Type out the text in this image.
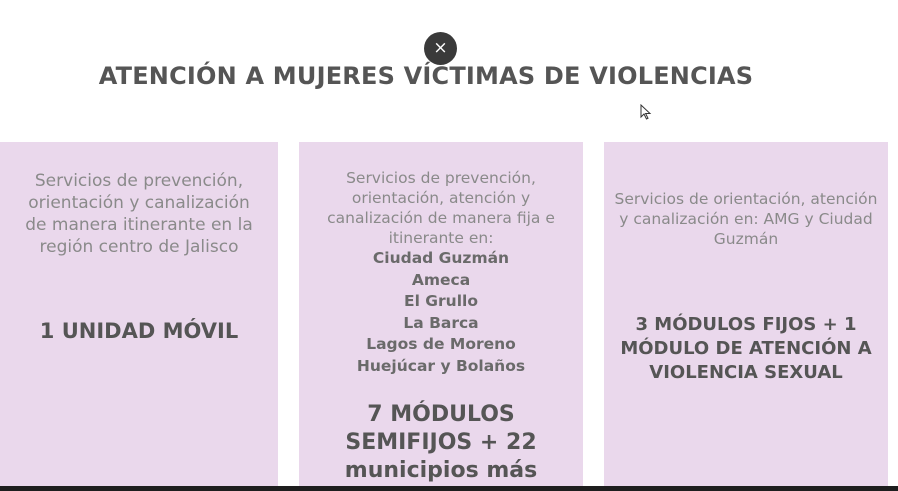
×
ATENCIÓN A MUJERES VÍCTIMAS DE VIOLENCIAS
Servicios de prevención, orientación y canalización de manera itinerante en la región centro de Jalisco
1 UNIDAD MÓVIL
Servicios de prevención, orientación, atención y canalización de manera fija e itinerante en:
Ciudad Guzmán
Ameca
El Grullo
La Barca
Lagos de Moreno
Huejúcar y Bolaños
7 MÓDULOS SEMIFIJOS + 22 municipios más
Servicios de orientación, atención y canalización en: AMG y Ciudad Guzmán
3 MÓDULOS FIJOS + 1 MÓDULO DE ATENCIÓN A VIOLENCIA SEXUAL
